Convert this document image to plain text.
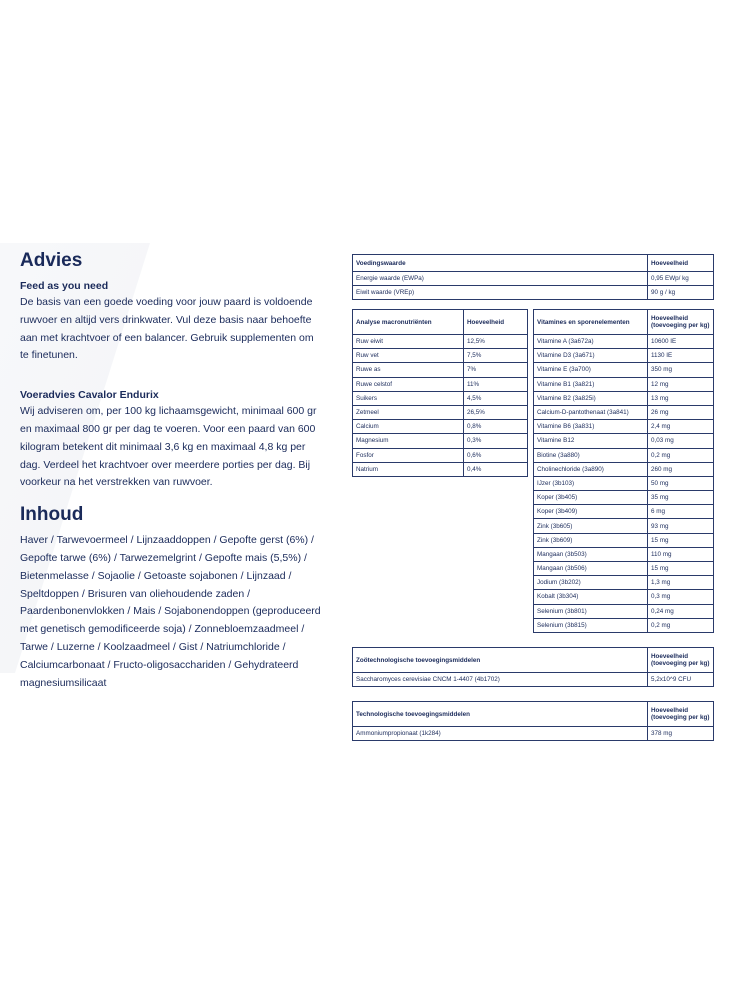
Advies
Feed as you need
De basis van een goede voeding voor jouw paard is voldoende ruwvoer en altijd vers drinkwater. Vul deze basis naar behoefte aan met krachtvoer of een balancer. Gebruik supplementen om te finetunen.
Voeradvies Cavalor Endurix
Wij adviseren om, per 100 kg lichaamsgewicht, minimaal 600 gr en maximaal 800 gr per dag te voeren. Voor een paard van 600 kilogram betekent dit minimaal 3,6 kg en maximaal 4,8 kg per dag. Verdeel het krachtvoer over meerdere porties per dag. Bij voorkeur na het verstrekken van ruwvoer.
Inhoud
Haver / Tarwevoermeel / Lijnzaaddoppen / Gepofte gerst (6%) / Gepofte tarwe (6%) / Tarwezemelgrint / Gepofte mais (5,5%) / Bietenmelasse / Sojaolie / Getoaste sojabonen / Lijnzaad / Speltdoppen / Brisuren van oliehoudende zaden / Paardenbonenvlokken / Mais / Sojabonendoppen (geproduceerd met genetisch gemodificeerde soja) / Zonnebloemzaadmeel / Tarwe / Luzerne / Koolzaadmeel / Gist / Natriumchloride / Calciumcarbonaat / Fructo-oligosacchariden / Gehydrateerd magnesiumsilicaat
Voedingswaarde	Hoeveelheid
Energie waarde (EWPa)	0,95 EWp/ kg
Eiwit waarde (VREp)	90 g / kg
Analyse macronutriënten	Hoeveelheid
Ruw eiwit	12,5%
Ruw vet	7,5%
Ruwe as	7%
Ruwe celstof	11%
Suikers	4,5%
Zetmeel	26,5%
Calcium	0,8%
Magnesium	0,3%
Fosfor	0,6%
Natrium	0,4%
Vitamines en sporenelementen	Hoeveelheid (toevoeging per kg)

Vitamine A (3a672a)	10600 IE
Vitamine D3 (3a671)	1130 IE
Vitamine E (3a700)	350 mg
Vitamine B1 (3a821)	12 mg
Vitamine B2 (3a825i)	13 mg
Calcium-D-pantothenaat (3a841)	26 mg
Vitamine B6 (3a831)	2,4 mg
Vitamine B12	0,03 mg
Biotine (3a880)	0,2 mg
Cholinechloride (3a890)	260 mg
IJzer (3b103)	50 mg
Koper (3b405)	35 mg
Koper (3b409)	6 mg
Zink (3b605)	93 mg
Zink (3b609)	15 mg
Mangaan (3b503)	110 mg
Mangaan (3b506)	15 mg
Jodium (3b202)	1,3 mg
Kobalt (3b304)	0,3 mg
Selenium (3b801)	0,24 mg
Selenium (3b815)	0,2 mg
Zoötechnologische toevoegingsmiddelen	Hoeveelheid (toevoeging per kg)

Saccharomyces cerevisiae CNCM 1-4407 (4b1702)	5,2x10^9 CFU
Technologische toevoegingsmiddelen	Hoeveelheid (toevoeging per kg)

Ammoniumpropionaat (1k284)	378 mg
